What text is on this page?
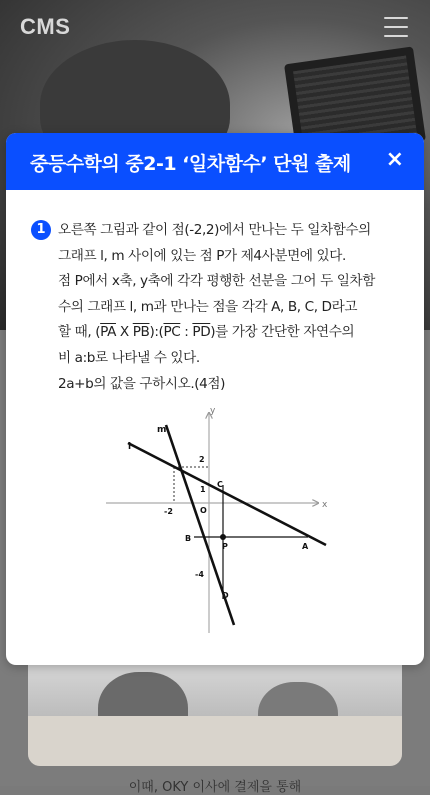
CMS
이때, OKY 이사에 결제을 통해
중등수학의 중2-1 ‘일차함수’ 단원 출제 ×
1 오른쪽 그림과 같이 점(-2,2)에서 만나는 두 일차함수의
그래프 l, m 사이에 있는 점 P가 제4사분면에 있다.
점 P에서 x축, y축에 각각 평행한 선분을 그어 두 일차함
수의 그래프 l, m과 만나는 점을 각각 A, B, C, D라고
할 때, ($\overline{PA}$ X $\overline{PB}):(\overline{PC}$ : $\overline{PD}$)를 가장 간단한 자연수의
비 a:b로 나타낼 수 있다.
2a+b의 값을 구하시오.(4점)
y
x
l
m
2
1
O
-2
-4
A
B
C
D
P
